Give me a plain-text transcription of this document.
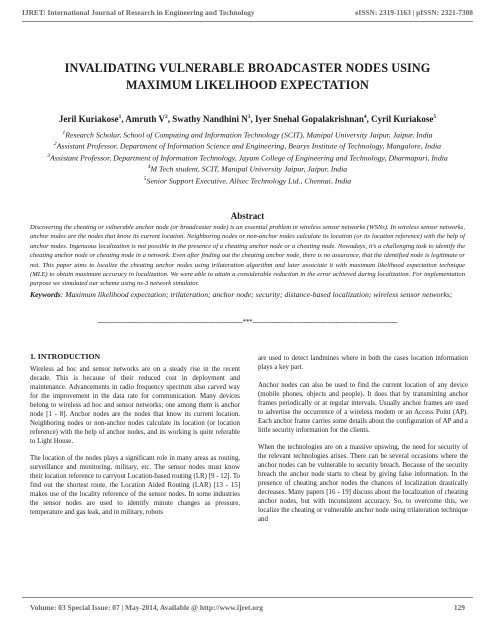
IJRET: International Journal of Research in Engineering and Technology	eISSN: 2319-1163 | pISSN: 2321-7308
INVALIDATING VULNERABLE BROADCASTER NODES USING
MAXIMUM LIKELIHOOD EXPECTATION
Jeril Kuriakose$^1$, Amruth $V^2$, Swathy Nandhini $N^3$, Iyer Snehal Gopalakrishnan$^4$, Cyril Kuriakose$^5$
$^1$Research Scholar, School of Computing and Information Technology (SCIT), Manipal University Jaipur, Jaipur, India
$^2$Assistant Professor, Department of Information Science and Engineering, Bearys Institute of Technology, Mangalore, India
$^3$Assistant Professor, Department of Information Technology, Jayam College of Engineering and Technology, Dharmapuri, India
$^4$M Tech student, SCIT, Manipal University Jaipur, Jaipur, India
$^5$Senior Support Executive, Allsec Technology Ltd., Chennai, India
Abstract
Discovering the cheating or vulnerable anchor node (or broadcaster node) is an essential problem in wireless sensor networks (WSNs). In wireless sensor networks, anchor nodes are the nodes that know its current location. Neighboring nodes or non-anchor nodes calculate its location (or its location reference) with the help of anchor nodes. Ingenuous localization is not possible in the presence of a cheating anchor node or a cheating node. Nowadays, it’s a challenging task to identify the cheating anchor node or cheating node in a network. Even after finding out the cheating anchor node, there is no assurance, that the identified node is legitimate or not. This paper aims to localize the cheating anchor nodes using trilateration algorithm and later associate it with maximum likelihood expectation technique (MLE) to obtain maximum accuracy in localization. We were able to attain a considerable reduction in the error achieved during localization. For implementation purpose we simulated our scheme using ns-3 network simulator.
Keywords: Maximum likelihood expectation; trilateration; anchor node; security; distance-based localization; wireless sensor networks;
--------------------------------------------------------------------***--------------------------------------------------------------------
1. INTRODUCTION

Wireless ad hoc and sensor networks are on a steady rise in the recent decade. This is because of their reduced cost in deployment and maintenance. Advancements in radio frequency spectrum also carved way for the improvement in the data rate for communication. Many devices belong to wireless ad hoc and sensor networks; one among them is anchor node [1 - 8]. Anchor nodes are the nodes that know its current location. Neighboring nodes or non-anchor nodes calculate its location (or location reference) with the help of anchor nodes, and its working is quite referable to Light House.

The location of the nodes plays a significant role in many areas as routing, surveillance and monitoring, military, etc. The sensor nodes must know their location reference to carryout Location-based routing (LR) [9 - 12]. To find out the shortest route, the Location Aided Routing (LAR) [13 - 15] makes use of the locality reference of the sensor nodes. In some industries the sensor nodes are used to identify minute changes as pressure, temperature and gas leak, and in military, robots

are used to detect landmines where in both the cases location information plays a key part.

Anchor nodes can also be used to find the current location of any device (mobile phones, objects and people). It does that by transmitting anchor frames periodically or at regular intervals. Usually anchor frames are used to advertise the occurrence of a wireless modem or an Access Point (AP). Each anchor frame carries some details about the configuration of AP and a little security information for the clients.

When the technologies are on a massive upswing, the need for security of the relevant technologies arises. There can be several occasions where the anchor nodes can be vulnerable to security breach. Because of the security breach the anchor node starts to cheat by giving false information. In the presence of cheating anchor nodes the chances of localization drastically decreases. Many papers [16 - 19] discuss about the localization of cheating anchor nodes, but with inconsistent accuracy. So, to overcome this, we localize the cheating or vulnerable anchor node using trilateration technique and

Volume: 03 Special Issue: 07 | May-2014, Available @ http://www.ijret.org	129
